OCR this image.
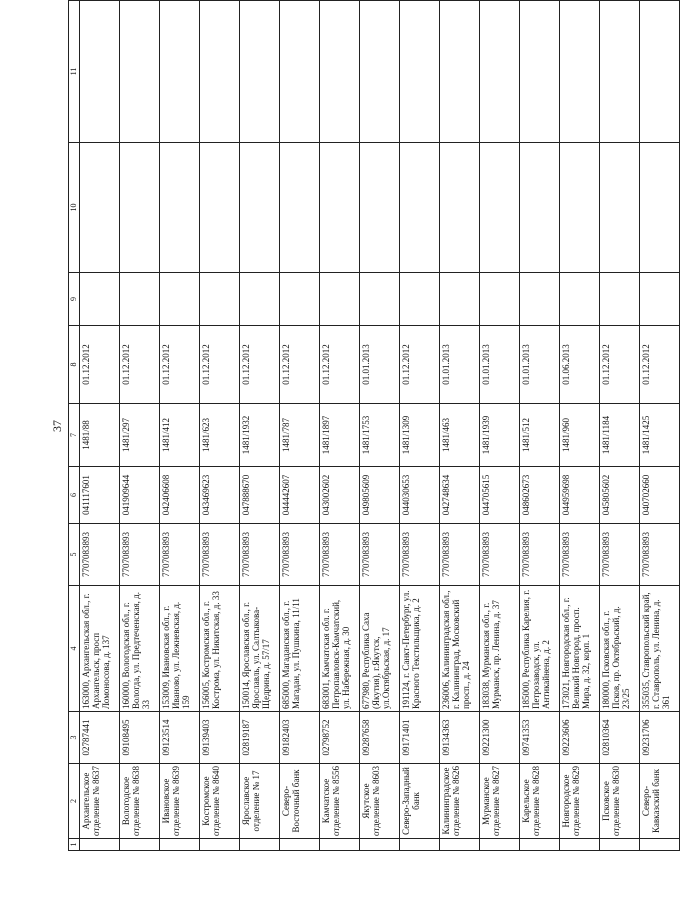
37
1	2	3	4	5	6	7	8	9	10	11
	Архангельское отделение № 8637	02787441	163000, Архангельская обл., г. Архангельск, просп Ломоносова, д. 137	7707083893	041117601	1481/88	01.12.2012			
	Вологодское отделение № 8638	09108495	160000, Вологодская обл., г. Вологда, ул. Предтеченская, д. 33	7707083893	041909644	1481/297	01.12.2012			
	Ивановское отделение № 8639	09123514	153009, Ивановская обл., г. Иваново, ул. Лежневская, д. 159	7707083893	042406608	1481/412	01.12.2012			
	Костромское отделение № 8640	09139403	156005, Костромская обл., г. Кострома, ул. Никитская, д. 33	7707083893	043469623	1481/623	01.12.2012			
	Ярославское отделение № 17	02819187	150014, Ярославская обл., г. Ярославль, ул. Салтыкова-Щедрина, д. 57/17	7707083893	047888670	1481/1932	01.12.2012			
	Северо-Восточный банк	09182403	685000, Магаданская обл., г. Магадан, ул. Пушкина, 11/11	7707083893	044442607	1481/787	01.12.2012			
	Камчатское отделение № 8556	02798752	683001, Камчатская обл. г. Петропавловск-Камчатский, ул. Набережная, д. 30	7707083893	043002602	1481/1897	01.12.2012			
	Якутское отделение № 8603	09287658	677980, Республика Саха (Якутия), г.Якутск, ул.Октябрьская, д. 17	7707083893	049805609	1481/1753	01.01.2013			
	Северо-Западный банк	09171401	191124, г. Санкт-Петербург, ул. Красного Текстильщика, д. 2	7707083893	044030653	1481/1309	01.12.2012			
	Калининградское отделение № 8626	09134363	236006, Калининградская обл., г. Калининград, Московский просп., д. 24	7707083893	042748634	1481/463	01.01.2013			
	Мурманское отделение № 8627	09221300	183038, Мурманская обл., г. Мурманск, пр. Ленина, д. 37	7707083893	044705615	1481/1939	01.01.2013			
	Карельское отделение № 8628	09741353	185000, Республика Карелия, г. Петрозаводск, ул. Антикайнена, д. 2	7707083893	048602673	1481/512	01.01.2013			
	Новгородское отделение № 8629	09223606	173021, Новгородская обл., г. Великий Новгород, просп. Мира, д. 32, корп. 1	7707083893	044959698	1481/960	01.06.2013			
	Псковское отделение № 8630	02810364	180000, Псковская обл., г. Псков, пр. Октябрьский, д. 23/25	7707083893	045805602	1481/1184	01.12.2012			
	Северо-Кавказский банк	09231706	355035, Ставропольский край, г. Ставрополь, ул. Ленина, д. 361	7707083893	040702660	1481/1425	01.12.2012			
